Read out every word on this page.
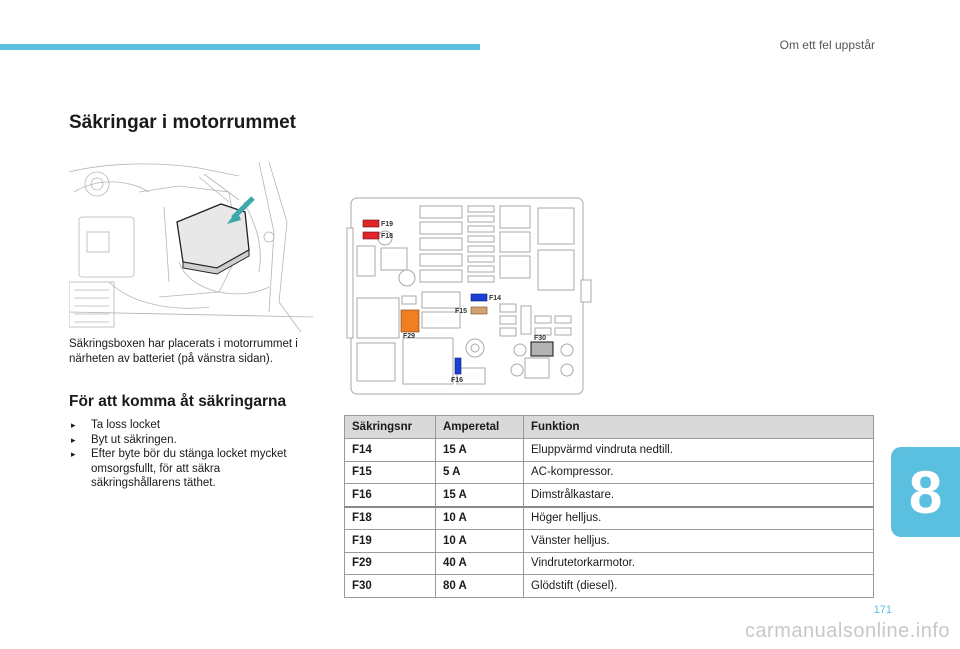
Om ett fel uppstår
Säkringar i motorrummet
Säkringsboxen har placerats i motorrummet i närheten av batteriet (på vänstra sidan).
För att komma åt säkringarna
▸ Ta loss locket
▸ Byt ut säkringen.
▸ Efter byte bör du stänga locket mycket omsorgsfullt, för att säkra säkringshållarens täthet.
F19
F18
F14
F15
F29	F30
F16
Säkringsnr	Amperetal	Funktion
F14	15 A	Eluppvärmd vindruta nedtill.
F15	5 A	AC-kompressor.
F16	15 A	Dimstrålkastare.
F18	10 A	Höger helljus.
F19	10 A	Vänster helljus.
F29	40 A	Vindrutetorkarmotor.
F30	80 A	Glödstift (diesel).
8
171
carmanualsonline.info
